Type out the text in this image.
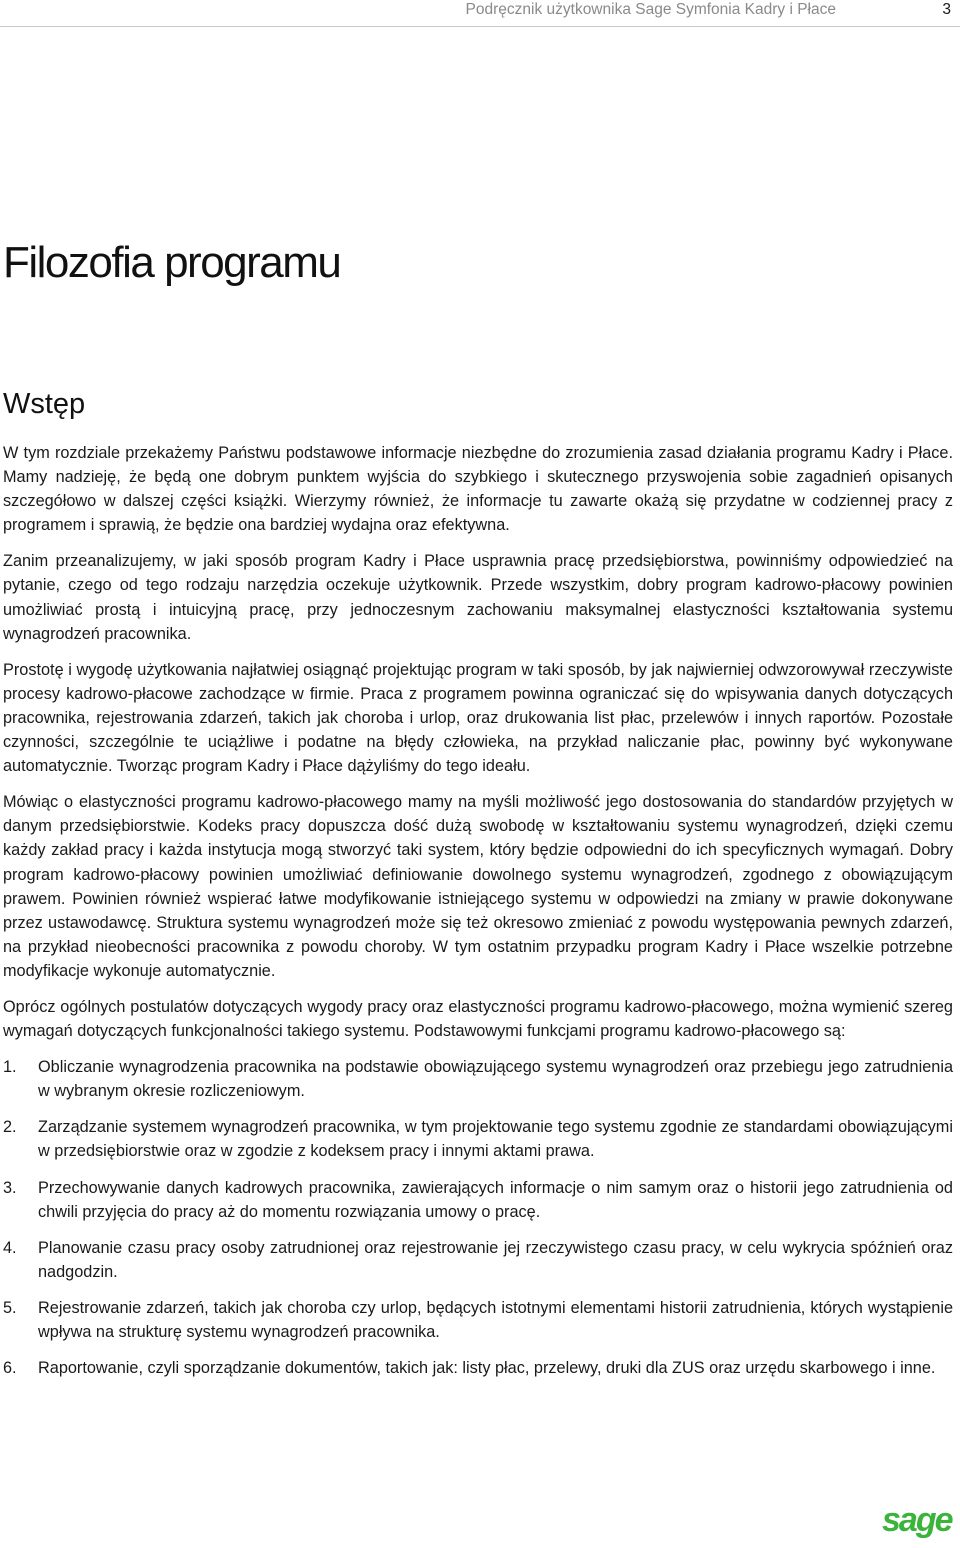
Podręcznik użytkownika Sage Symfonia Kadry i Płace	3
Filozofia programu
Wstęp

W tym rozdziale przekażemy Państwu podstawowe informacje niezbędne do zrozumienia zasad działania programu Kadry i Płace. Mamy nadzieję, że będą one dobrym punktem wyjścia do szybkiego i skutecznego przyswojenia sobie zagadnień opisanych szczegółowo w dalszej części książki. Wierzymy również, że informacje tu zawarte okażą się przydatne w codziennej pracy z programem i sprawią, że będzie ona bardziej wydajna oraz efektywna.

Zanim przeanalizujemy, w jaki sposób program Kadry i Płace usprawnia pracę przedsiębiorstwa, powinniśmy odpowiedzieć na pytanie, czego od tego rodzaju narzędzia oczekuje użytkownik. Przede wszystkim, dobry program kadrowo-płacowy powinien umożliwiać prostą i intuicyjną pracę, przy jednoczesnym zachowaniu maksymalnej elastyczności kształtowania systemu wynagrodzeń pracownika.

Prostotę i wygodę użytkowania najłatwiej osiągnąć projektując program w taki sposób, by jak najwierniej odwzorowywał rzeczywiste procesy kadrowo-płacowe zachodzące w firmie. Praca z programem powinna ograniczać się do wpisywania danych dotyczących pracownika, rejestrowania zdarzeń, takich jak choroba i urlop, oraz drukowania list płac, przelewów i innych raportów. Pozostałe czynności, szczególnie te uciążliwe i podatne na błędy człowieka, na przykład naliczanie płac, powinny być wykonywane automatycznie. Tworząc program Kadry i Płace dążyliśmy do tego ideału.

Mówiąc o elastyczności programu kadrowo-płacowego mamy na myśli możliwość jego dostosowania do standardów przyjętych w danym przedsiębiorstwie. Kodeks pracy dopuszcza dość dużą swobodę w kształtowaniu systemu wynagrodzeń, dzięki czemu każdy zakład pracy i każda instytucja mogą stworzyć taki system, który będzie odpowiedni do ich specyficznych wymagań. Dobry program kadrowo-płacowy powinien umożliwiać definiowanie dowolnego systemu wynagrodzeń, zgodnego z obowiązującym prawem. Powinien również wspierać łatwe modyfikowanie istniejącego systemu w odpowiedzi na zmiany w prawie dokonywane przez ustawodawcę. Struktura systemu wynagrodzeń może się też okresowo zmieniać z powodu występowania pewnych zdarzeń, na przykład nieobecności pracownika z powodu choroby. W tym ostatnim przypadku program Kadry i Płace wszelkie potrzebne modyfikacje wykonuje automatycznie.

Oprócz ogólnych postulatów dotyczących wygody pracy oraz elastyczności programu kadrowo-płacowego, można wymienić szereg wymagań dotyczących funkcjonalności takiego systemu. Podstawowymi funkcjami programu kadrowo-płacowego są:

1. Obliczanie wynagrodzenia pracownika na podstawie obowiązującego systemu wynagrodzeń oraz przebiegu jego zatrudnienia w wybranym okresie rozliczeniowym.
2. Zarządzanie systemem wynagrodzeń pracownika, w tym projektowanie tego systemu zgodnie ze standardami obowiązującymi w przedsiębiorstwie oraz w zgodzie z kodeksem pracy i innymi aktami prawa.
3. Przechowywanie danych kadrowych pracownika, zawierających informacje o nim samym oraz o historii jego zatrudnienia od chwili przyjęcia do pracy aż do momentu rozwiązania umowy o pracę.
4. Planowanie czasu pracy osoby zatrudnionej oraz rejestrowanie jej rzeczywistego czasu pracy, w celu wykrycia spóźnień oraz nadgodzin.
5. Rejestrowanie zdarzeń, takich jak choroba czy urlop, będących istotnymi elementami historii zatrudnienia, których wystąpienie wpływa na strukturę systemu wynagrodzeń pracownika.
6. Raportowanie, czyli sporządzanie dokumentów, takich jak: listy płac, przelewy, druki dla ZUS oraz urzędu skarbowego i inne.
sage
